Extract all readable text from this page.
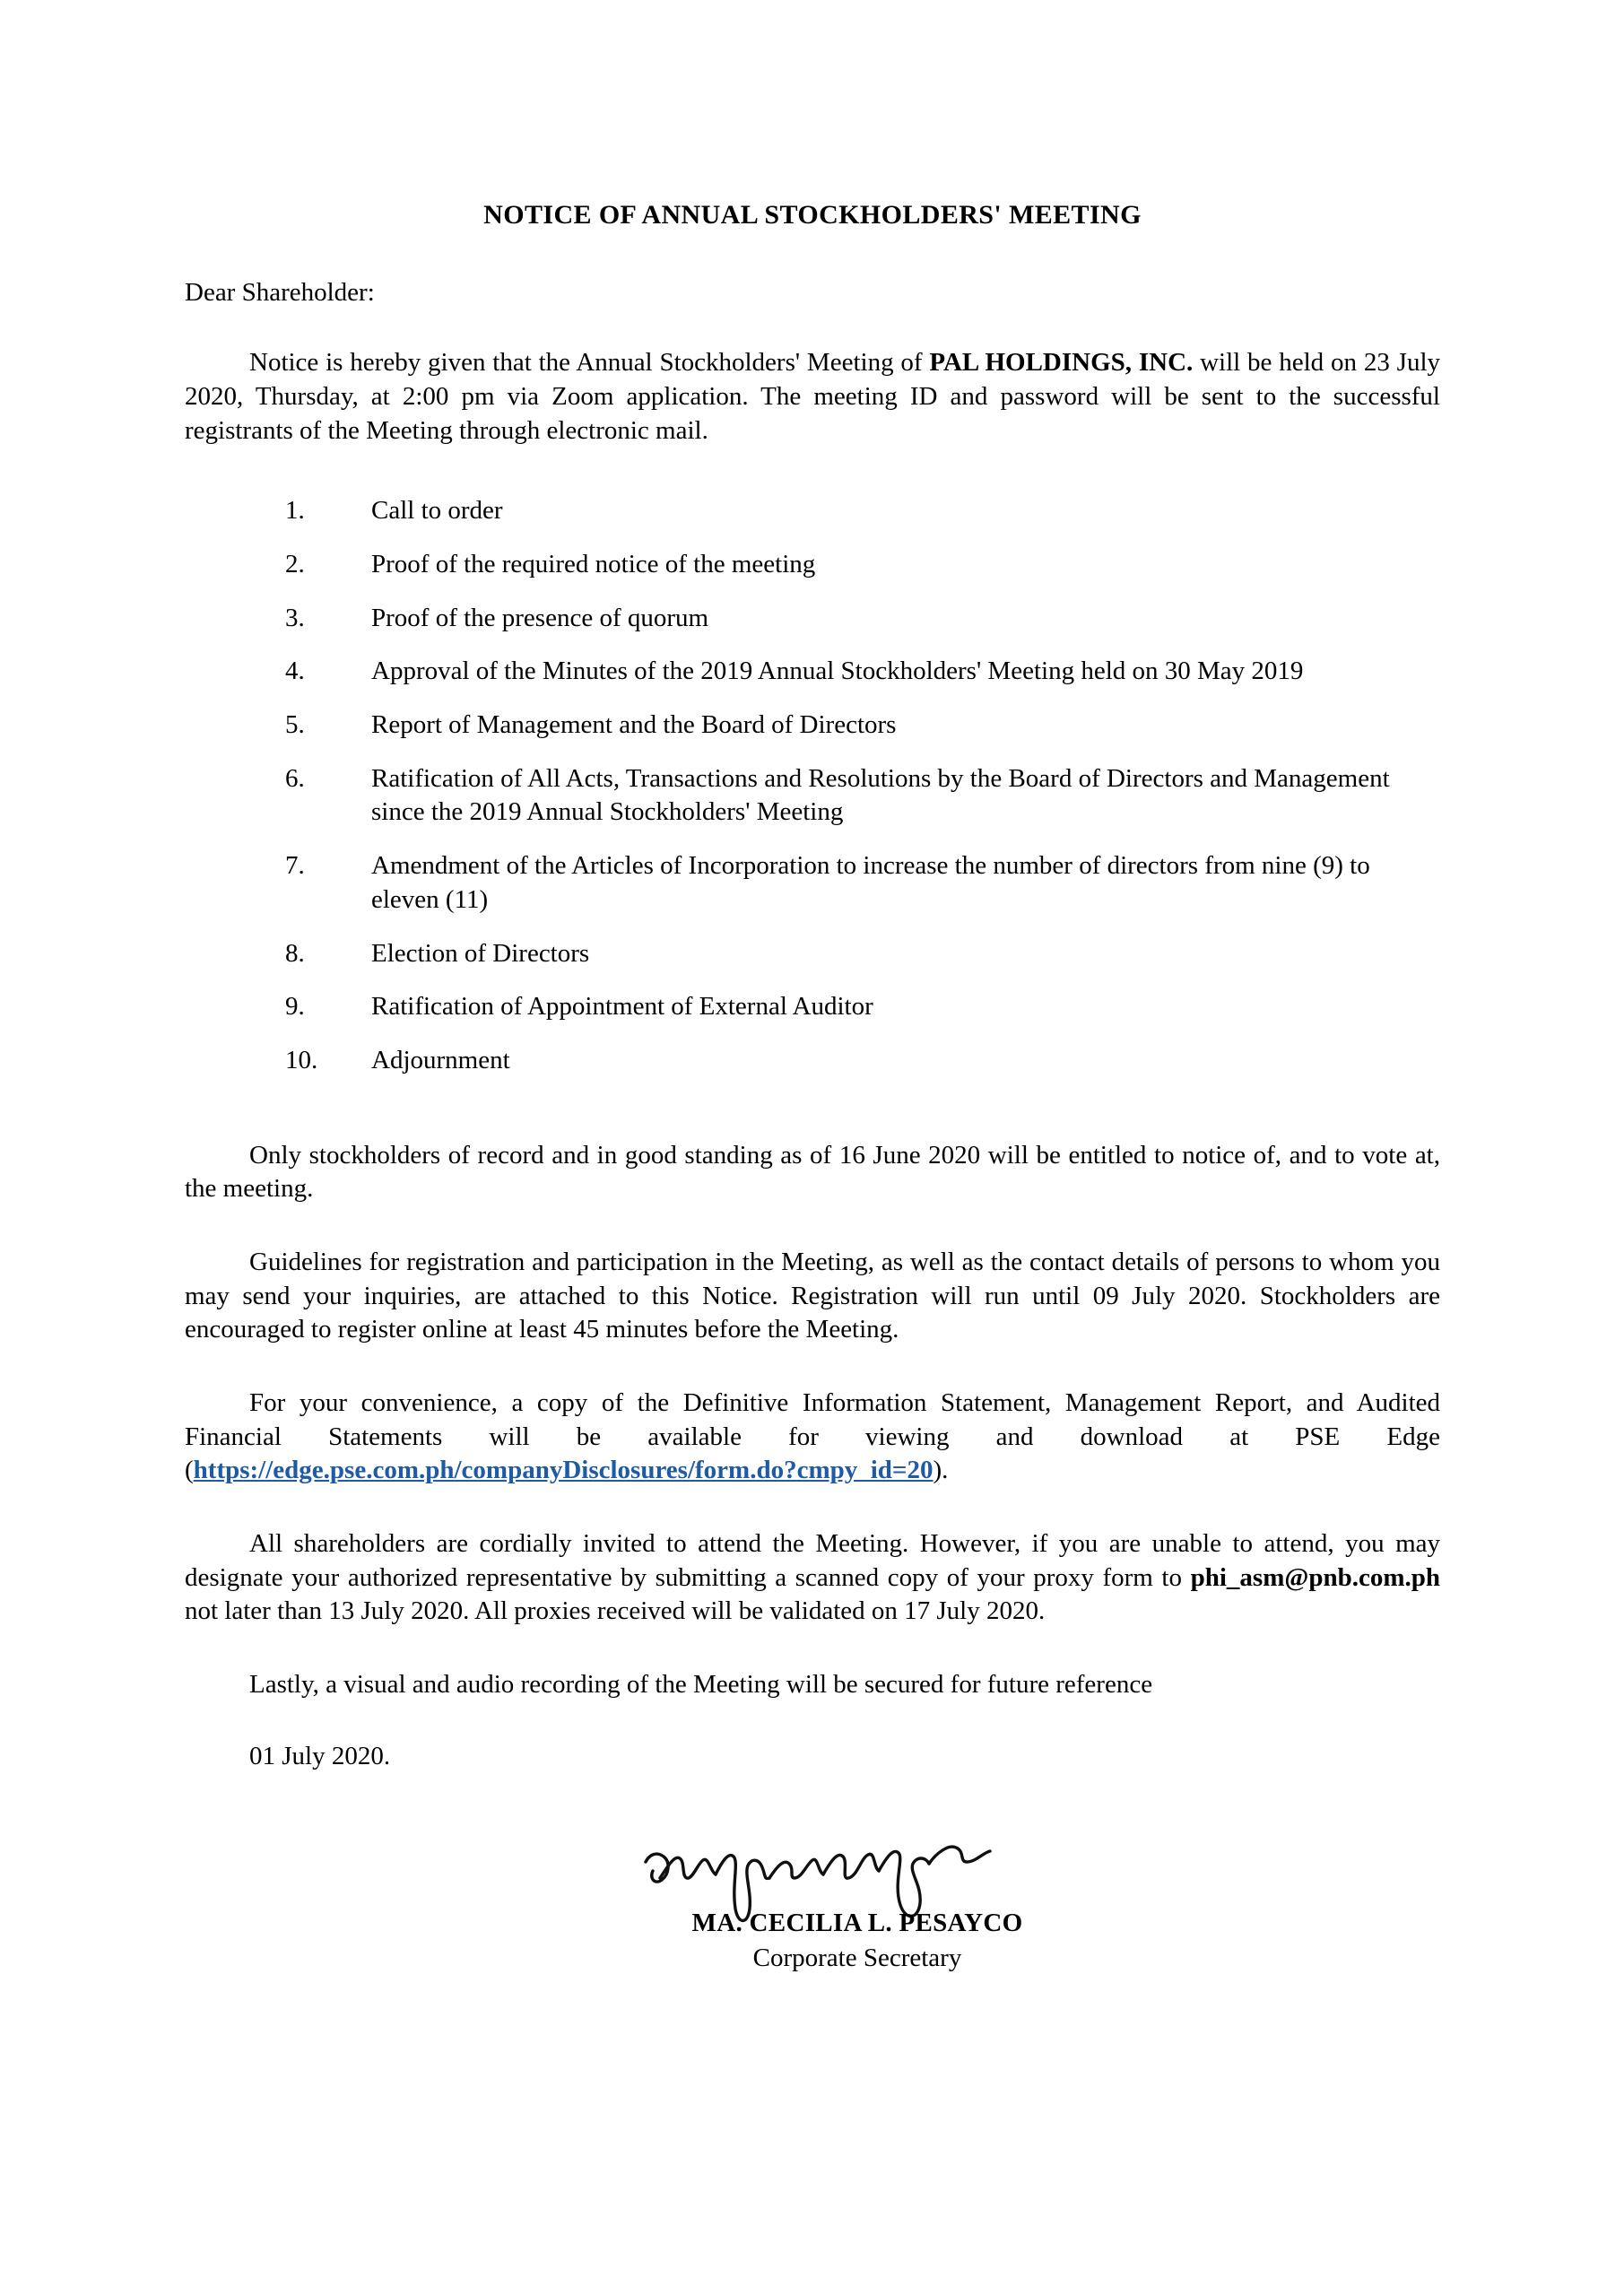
NOTICE OF ANNUAL STOCKHOLDERS' MEETING
Dear Shareholder:

Notice is hereby given that the Annual Stockholders' Meeting of PAL HOLDINGS, INC. will be held on 23 July 2020, Thursday, at 2:00 pm via Zoom application. The meeting ID and password will be sent to the successful registrants of the Meeting through electronic mail.

1.	Call to order
2.	Proof of the required notice of the meeting
3.	Proof of the presence of quorum
4.	Approval of the Minutes of the 2019 Annual Stockholders' Meeting held on 30 May 2019
5.	Report of Management and the Board of Directors
6.	Ratification of All Acts, Transactions and Resolutions by the Board of Directors and Management since the 2019 Annual Stockholders' Meeting
7.	Amendment of the Articles of Incorporation to increase the number of directors from nine (9) to eleven (11)
8.	Election of Directors
9.	Ratification of Appointment of External Auditor
10.	Adjournment

Only stockholders of record and in good standing as of 16 June 2020 will be entitled to notice of, and to vote at, the meeting.

Guidelines for registration and participation in the Meeting, as well as the contact details of persons to whom you may send your inquiries, are attached to this Notice. Registration will run until 09 July 2020. Stockholders are encouraged to register online at least 45 minutes before the Meeting.

For your convenience, a copy of the Definitive Information Statement, Management Report, and Audited Financial Statements will be available for viewing and download at PSE Edge (https://edge.pse.com.ph/companyDisclosures/form.do?cmpy_id=20).

All shareholders are cordially invited to attend the Meeting. However, if you are unable to attend, you may designate your authorized representative by submitting a scanned copy of your proxy form to phi_asm@pnb.com.ph not later than 13 July 2020. All proxies received will be validated on 17 July 2020.

Lastly, a visual and audio recording of the Meeting will be secured for future reference

01 July 2020.

MA. CECILIA L. PESAYCO
Corporate Secretary
